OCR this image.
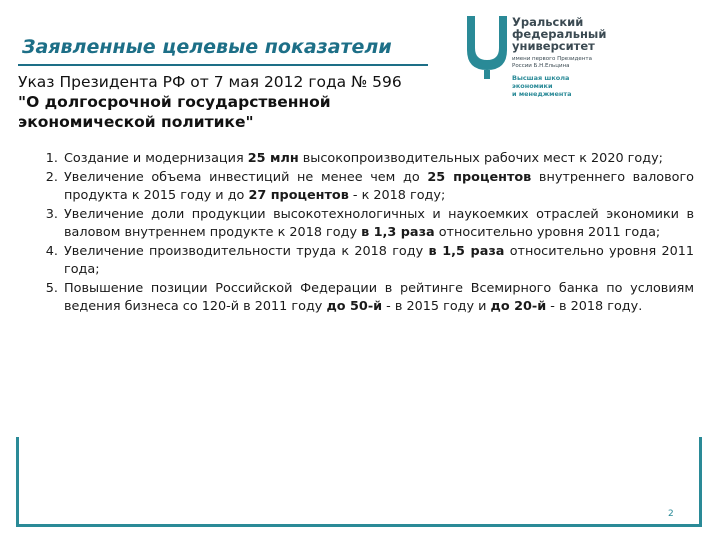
Заявленные целевые показатели
Указ Президента РФ от 7 мая 2012 года № 596
"О долгосрочной государственной экономической политике"
Уральский
федеральный
университет
имени первого Президента
России Б.Н.Ельцина
Высшая школа
экономики
и менеджмента
1. Создание и модернизация 25 млн высокопроизводительных рабочих мест к 2020 году;
2. Увеличение объема инвестиций не менее чем до 25 процентов внутреннего валового продукта к 2015 году и до 27 процентов - к 2018 году;
3. Увеличение доли продукции высокотехнологичных и наукоемких отраслей экономики в валовом внутреннем продукте к 2018 году в 1,3 раза относительно уровня 2011 года;
4. Увеличение производительности труда к 2018 году в 1,5 раза относительно уровня 2011 года;
5. Повышение позиции Российской Федерации в рейтинге Всемирного банка по условиям ведения бизнеса со 120-й в 2011 году до 50-й - в 2015 году и до 20-й - в 2018 году.
2
